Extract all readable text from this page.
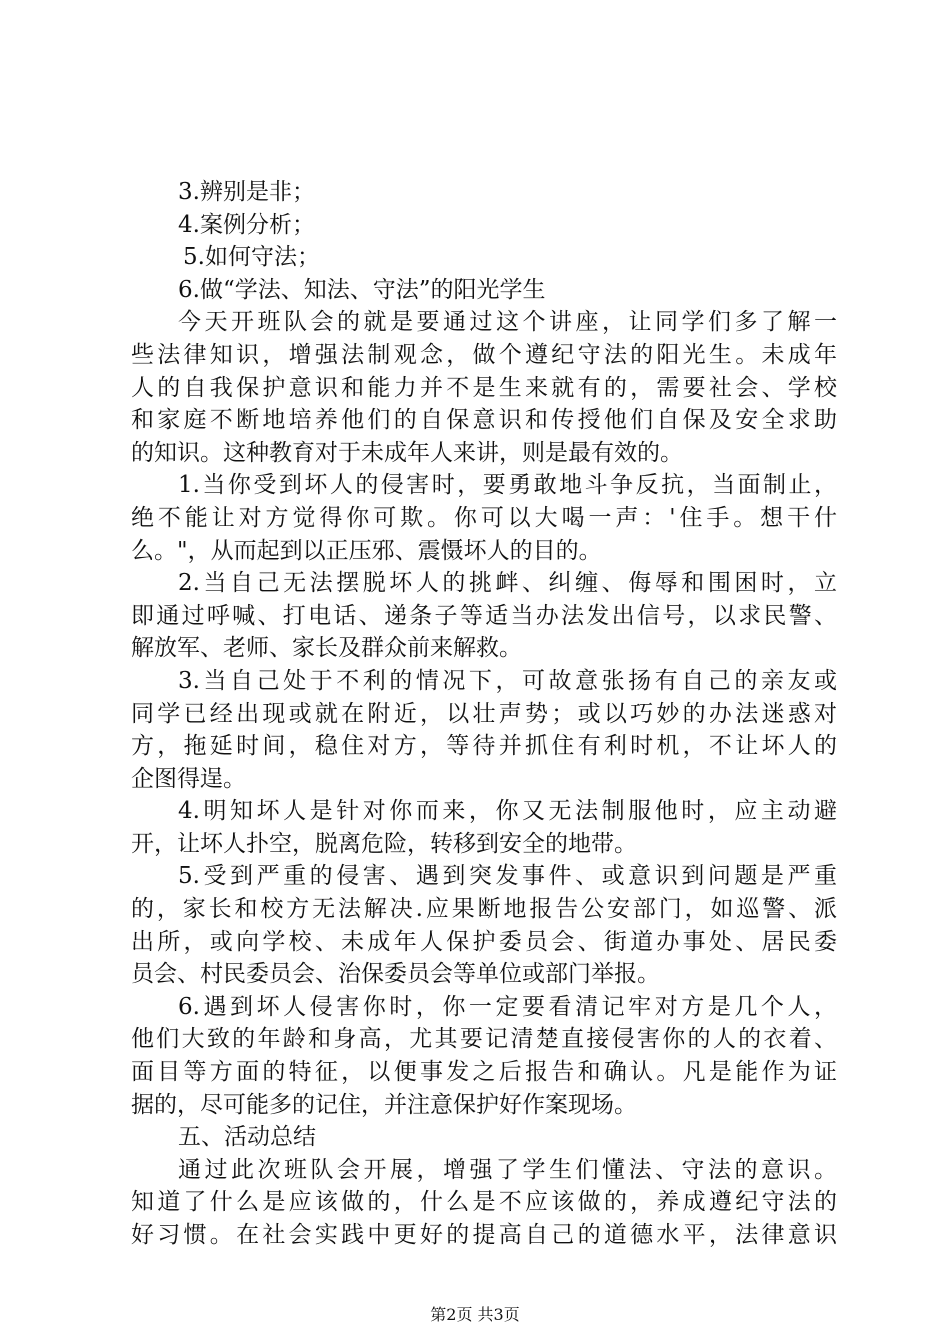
3.辨别是非；
4.案例分析；
5.如何守法；
6.做“学法、知法、守法”的阳光学生
今天开班队会的就是要通过这个讲座，让同学们多了解一
些法律知识，增强法制观念，做个遵纪守法的阳光生。未成年
人的自我保护意识和能力并不是生来就有的，需要社会、学校
和家庭不断地培养他们的自保意识和传授他们自保及安全求助
的知识。这种教育对于未成年人来讲，则是最有效的。
1.当你受到坏人的侵害时，要勇敢地斗争反抗，当面制止，
绝不能让对方觉得你可欺。你可以大喝一声：'住手。想干什
么。"，从而起到以正压邪、震慑坏人的目的。
2.当自己无法摆脱坏人的挑衅、纠缠、侮辱和围困时，立
即通过呼喊、打电话、递条子等适当办法发出信号，以求民警、
解放军、老师、家长及群众前来解救。
3.当自己处于不利的情况下，可故意张扬有自己的亲友或
同学已经出现或就在附近，以壮声势；或以巧妙的办法迷惑对
方，拖延时间，稳住对方，等待并抓住有利时机，不让坏人的
企图得逞。
4.明知坏人是针对你而来，你又无法制服他时，应主动避
开，让坏人扑空，脱离危险，转移到安全的地带。
5.受到严重的侵害、遇到突发事件、或意识到问题是严重
的，家长和校方无法解决.应果断地报告公安部门，如巡警、派
出所，或向学校、未成年人保护委员会、街道办事处、居民委
员会、村民委员会、治保委员会等单位或部门举报。
6.遇到坏人侵害你时，你一定要看清记牢对方是几个人，
他们大致的年龄和身高，尤其要记清楚直接侵害你的人的衣着、
面目等方面的特征，以便事发之后报告和确认。凡是能作为证
据的，尽可能多的记住，并注意保护好作案现场。
五、活动总结
通过此次班队会开展，增强了学生们懂法、守法的意识。
知道了什么是应该做的，什么是不应该做的，养成遵纪守法的
好习惯。在社会实践中更好的提高自己的道德水平，法律意识
第2页 共3页
